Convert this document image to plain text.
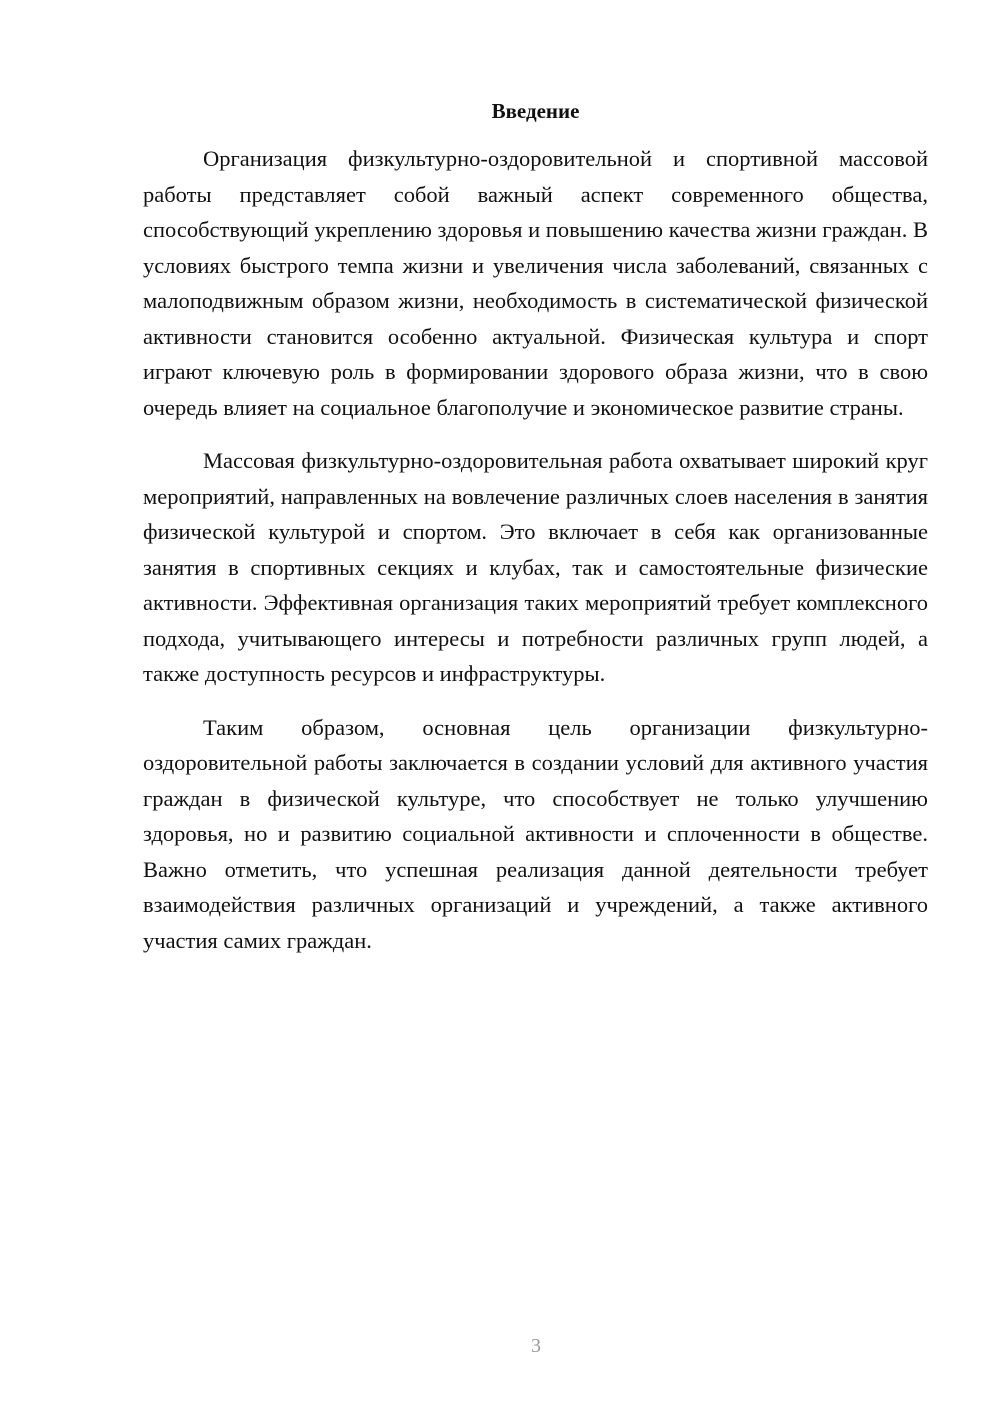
Введение

Организация физкультурно-оздоровительной и спортивной массовой работы представляет собой важный аспект современного общества, способствующий укреплению здоровья и повышению качества жизни граждан. В условиях быстрого темпа жизни и увеличения числа заболеваний, связанных с малоподвижным образом жизни, необходимость в систематической физической активности становится особенно актуальной. Физическая культура и спорт играют ключевую роль в формировании здорового образа жизни, что в свою очередь влияет на социальное благополучие и экономическое развитие страны.

Массовая физкультурно-оздоровительная работа охватывает широкий круг мероприятий, направленных на вовлечение различных слоев населения в занятия физической культурой и спортом. Это включает в себя как организованные занятия в спортивных секциях и клубах, так и самостоятельные физические активности. Эффективная организация таких мероприятий требует комплексного подхода, учитывающего интересы и потребности различных групп людей, а также доступность ресурсов и инфраструктуры.

Таким образом, основная цель организации физкультурно-оздоровительной работы заключается в создании условий для активного участия граждан в физической культуре, что способствует не только улучшению здоровья, но и развитию социальной активности и сплоченности в обществе. Важно отметить, что успешная реализация данной деятельности требует взаимодействия различных организаций и учреждений, а также активного участия самих граждан.

3
